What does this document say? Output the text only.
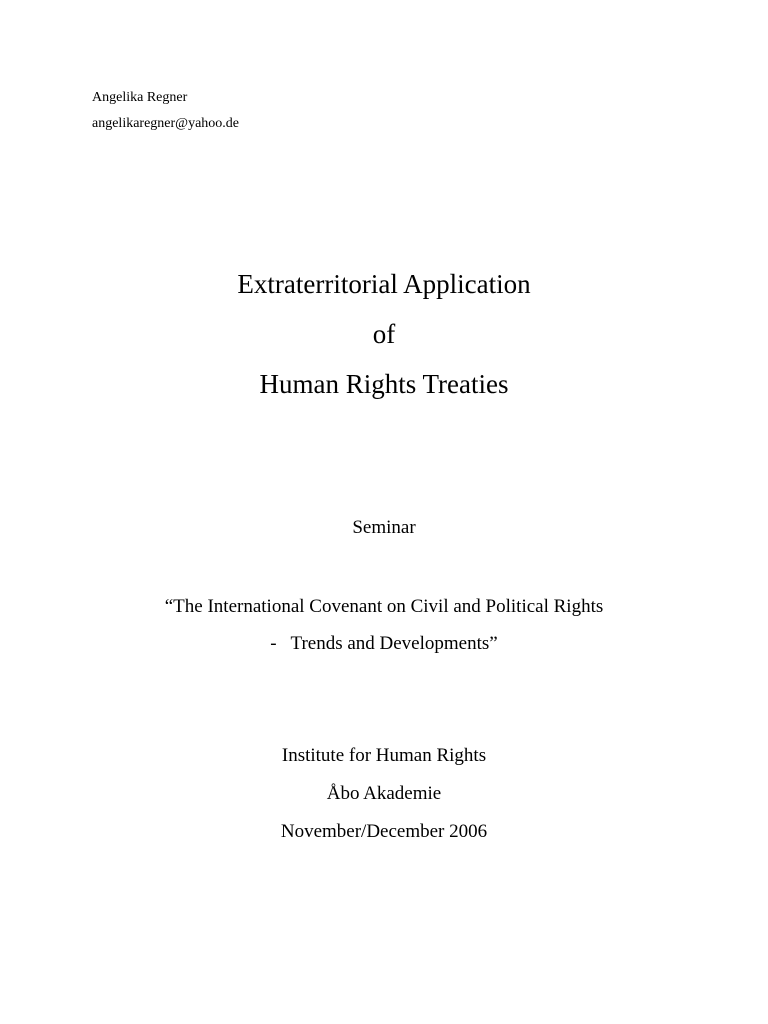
Angelika Regner
angelikaregner@yahoo.de
Extraterritorial Application
of
Human Rights Treaties
Seminar
“The International Covenant on Civil and Political Rights
-   Trends and Developments”
Institute for Human Rights
Åbo Akademie
November/December 2006
